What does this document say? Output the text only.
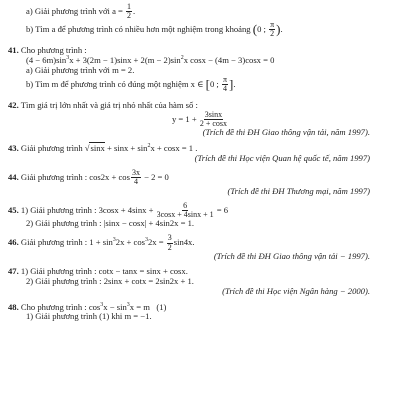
a) Giải phương trình với $a = \frac{1}{2}$ .
b) Tìm a để phương trình có nhiều hơn một nghiệm trong khoảng (0 ; $\frac{\pi}{2}$ ).
41. Cho phương trình :
$(4 - 6m)\sin^3x + 3(2m - 1)\sin x + 2(m - 2)\sin^2x$ cosx − (4m − 3)cosx = 0
a) Giải phương trình với m = 2.
b) Tìm m để phương trình có đúng một nghiệm x ∈ [0 ; $\frac{\pi}{4}$ ].
42. Tìm giá trị lớn nhất và giá trị nhỏ nhất của hàm số :
$y = 1 + \frac{3\sin x}{2 + \cos x}$
(Trích đề thi ĐH Giao thông vận tải, năm 1997).
43. Giải phương trình $√\sin x + \sin x + \sin^2x + \cos x = 1$ .
(Trích đề thi Học viện Quan hệ quốc tế, năm 1997)
44. Giải phương trình : $\cos 2x + \cos \frac{3x}{4} - 2 = 0$
(Trích đề thi ĐH Thương mại, năm 1997)
45. 1) Giải phương trình : $3\cos x + 4\sin x + \frac{6}{3\cos x + 4\sin x + 1} = 6$
2) Giải phương trình : |sinx − cosx| + 4sin2x = 1.
46. Giải phương trình : $1 + \sin^32x + \cos^32x = \frac{3}{2} \sin 4x$.
(Trích đề thi ĐH Giao thông vận tải − 1997).
47. 1) Giải phương trình : cotx − tanx = sinx + cosx.
2) Giải phương trình : 2sinx + cotx = 2sin2x + 1.
(Trích đề thi Học viện Ngân hàng − 2000).
48. Cho phương trình : $\cos^3x - \sin^3x = m$   (1)
1) Giải phương trình (1) khi m = −1.
